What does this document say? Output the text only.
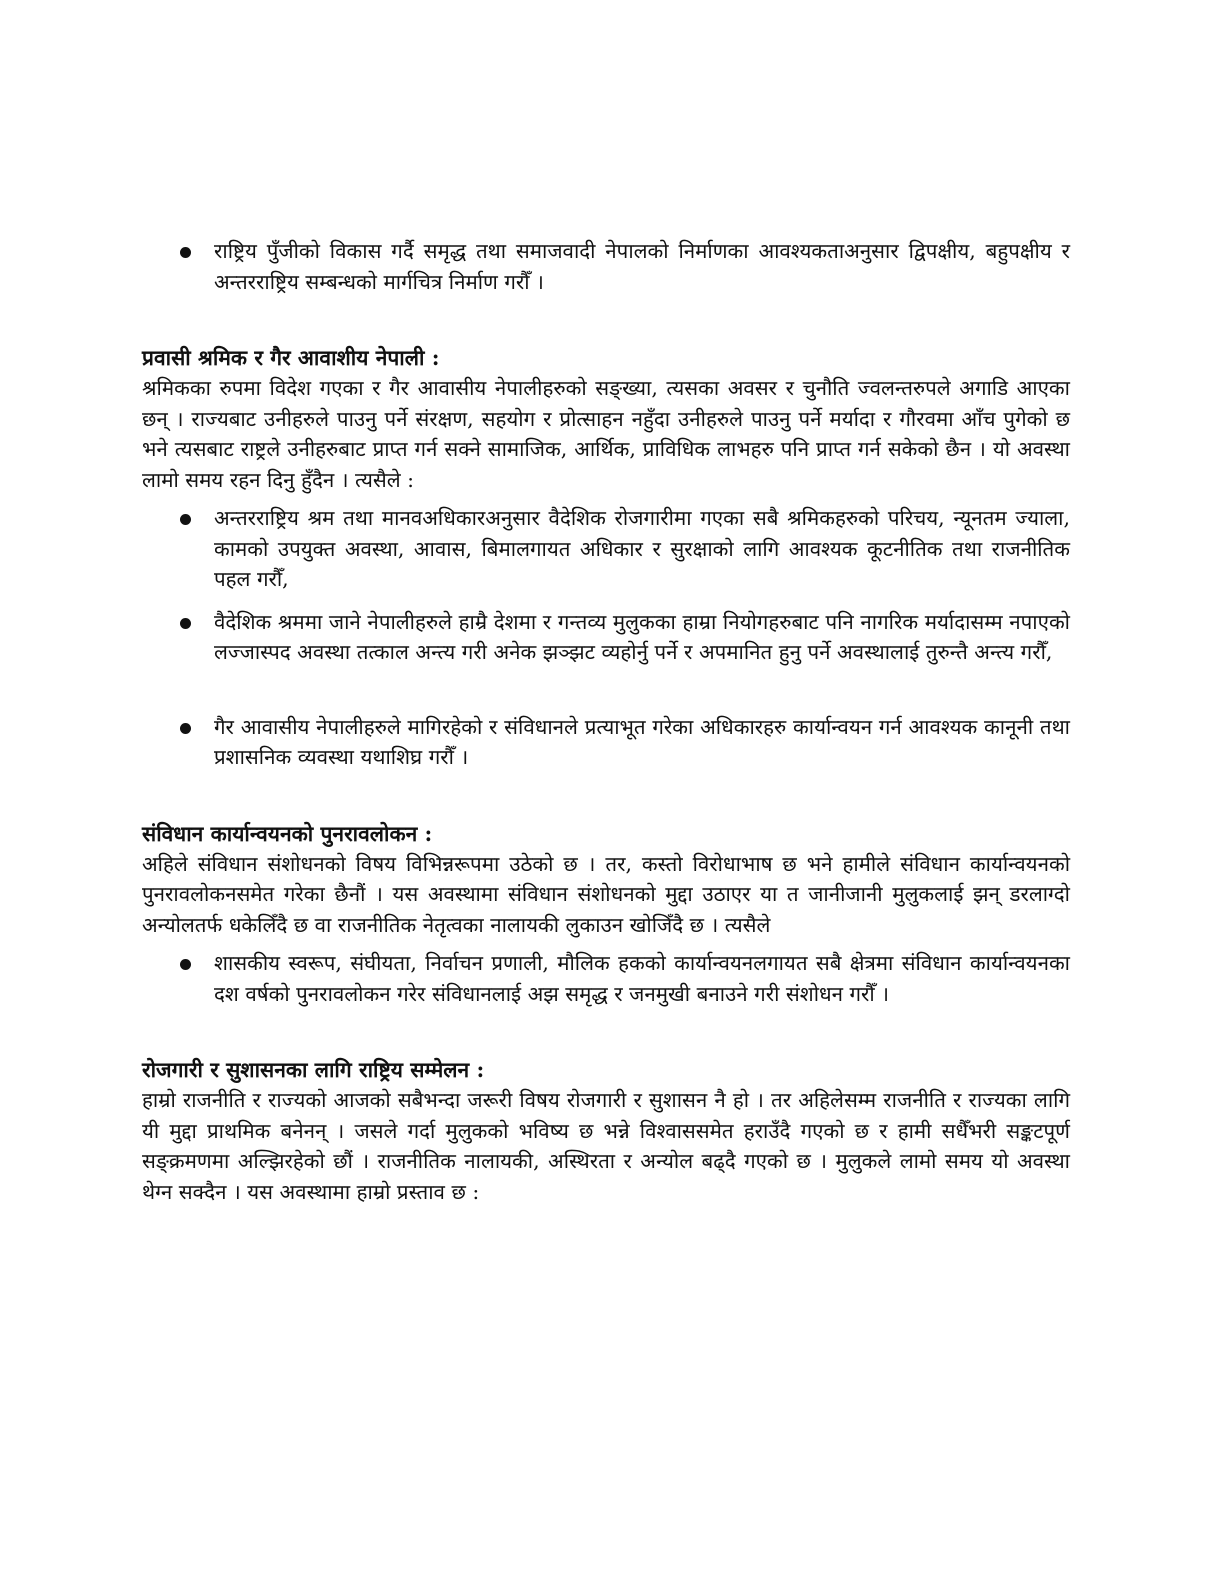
राष्ट्रिय पुँजीको विकास गर्दै समृद्ध तथा समाजवादी नेपालको निर्माणका आवश्यकताअनुसार द्विपक्षीय, बहुपक्षीय र अन्तरराष्ट्रिय सम्बन्धको मार्गचित्र निर्माण गरौँ ।
प्रवासी श्रमिक र गैर आवाशीय नेपाली :

श्रमिकका रुपमा विदेश गएका र गैर आवासीय नेपालीहरुको सङ्ख्या, त्यसका अवसर र चुनौति ज्वलन्तरुपले अगाडि आएका छन् । राज्यबाट उनीहरुले पाउनु पर्ने संरक्षण, सहयोग र प्रोत्साहन नहुँदा उनीहरुले पाउनु पर्ने मर्यादा र गौरवमा आँच पुगेको छ भने त्यसबाट राष्ट्रले उनीहरुबाट प्राप्त गर्न सक्ने सामाजिक, आर्थिक, प्राविधिक लाभहरु पनि प्राप्त गर्न सकेको छैन । यो अवस्था लामो समय रहन दिनु हुँदैन । त्यसैले :

अन्तरराष्ट्रिय श्रम तथा मानवअधिकारअनुसार वैदेशिक रोजगारीमा गएका सबै श्रमिकहरुको परिचय, न्यूनतम ज्याला, कामको उपयुक्त अवस्था, आवास, बिमालगायत अधिकार र सुरक्षाको लागि आवश्यक कूटनीतिक तथा राजनीतिक पहल गरौँ,
वैदेशिक श्रममा जाने नेपालीहरुले हाम्रै देशमा र गन्तव्य मुलुकका हाम्रा नियोगहरुबाट पनि नागरिक मर्यादासम्म नपाएको लज्जास्पद अवस्था तत्काल अन्त्य गरी अनेक झञ्झट व्यहोर्नु पर्ने र अपमानित हुनु पर्ने अवस्थालाई तुरुन्तै अन्त्य गरौँ,
गैर आवासीय नेपालीहरुले मागिरहेको र संविधानले प्रत्याभूत गरेका अधिकारहरु कार्यान्वयन गर्न आवश्यक कानूनी तथा प्रशासनिक व्यवस्था यथाशिघ्र गरौँ ।
संविधान कार्यान्वयनको पुनरावलोकन :

अहिले संविधान संशोधनको विषय विभिन्नरूपमा उठेको छ । तर, कस्तो विरोधाभाष छ भने हामीले संविधान कार्यान्वयनको पुनरावलोकनसमेत गरेका छैनौं । यस अवस्थामा संविधान संशोधनको मुद्दा उठाएर या त जानीजानी मुलुकलाई झन् डरलाग्दो अन्योलतर्फ धकेलिँदै छ वा राजनीतिक नेतृत्वका नालायकी लुकाउन खोजिँदै छ । त्यसैले

शासकीय स्वरूप, संघीयता, निर्वाचन प्रणाली, मौलिक हकको कार्यान्वयनलगायत सबै क्षेत्रमा संविधान कार्यान्वयनका दश वर्षको पुनरावलोकन गरेर संविधानलाई अझ समृद्ध र जनमुखी बनाउने गरी संशोधन गरौँ ।
रोजगारी र सुशासनका लागि राष्ट्रिय सम्मेलन :

हाम्रो राजनीति र राज्यको आजको सबैभन्दा जरूरी विषय रोजगारी र सुशासन नै हो । तर अहिलेसम्म राजनीति र राज्यका लागि यी मुद्दा प्राथमिक बनेनन् । जसले गर्दा मुलुकको भविष्य छ भन्ने विश्वाससमेत हराउँदै गएको छ र हामी सधैँभरी सङ्कटपूर्ण सङ्क्रमणमा अल्झिरहेको छौं । राजनीतिक नालायकी, अस्थिरता र अन्योल बढ्दै गएको छ । मुलुकले लामो समय यो अवस्था थेग्न सक्दैन । यस अवस्थामा हाम्रो प्रस्ताव छ :
